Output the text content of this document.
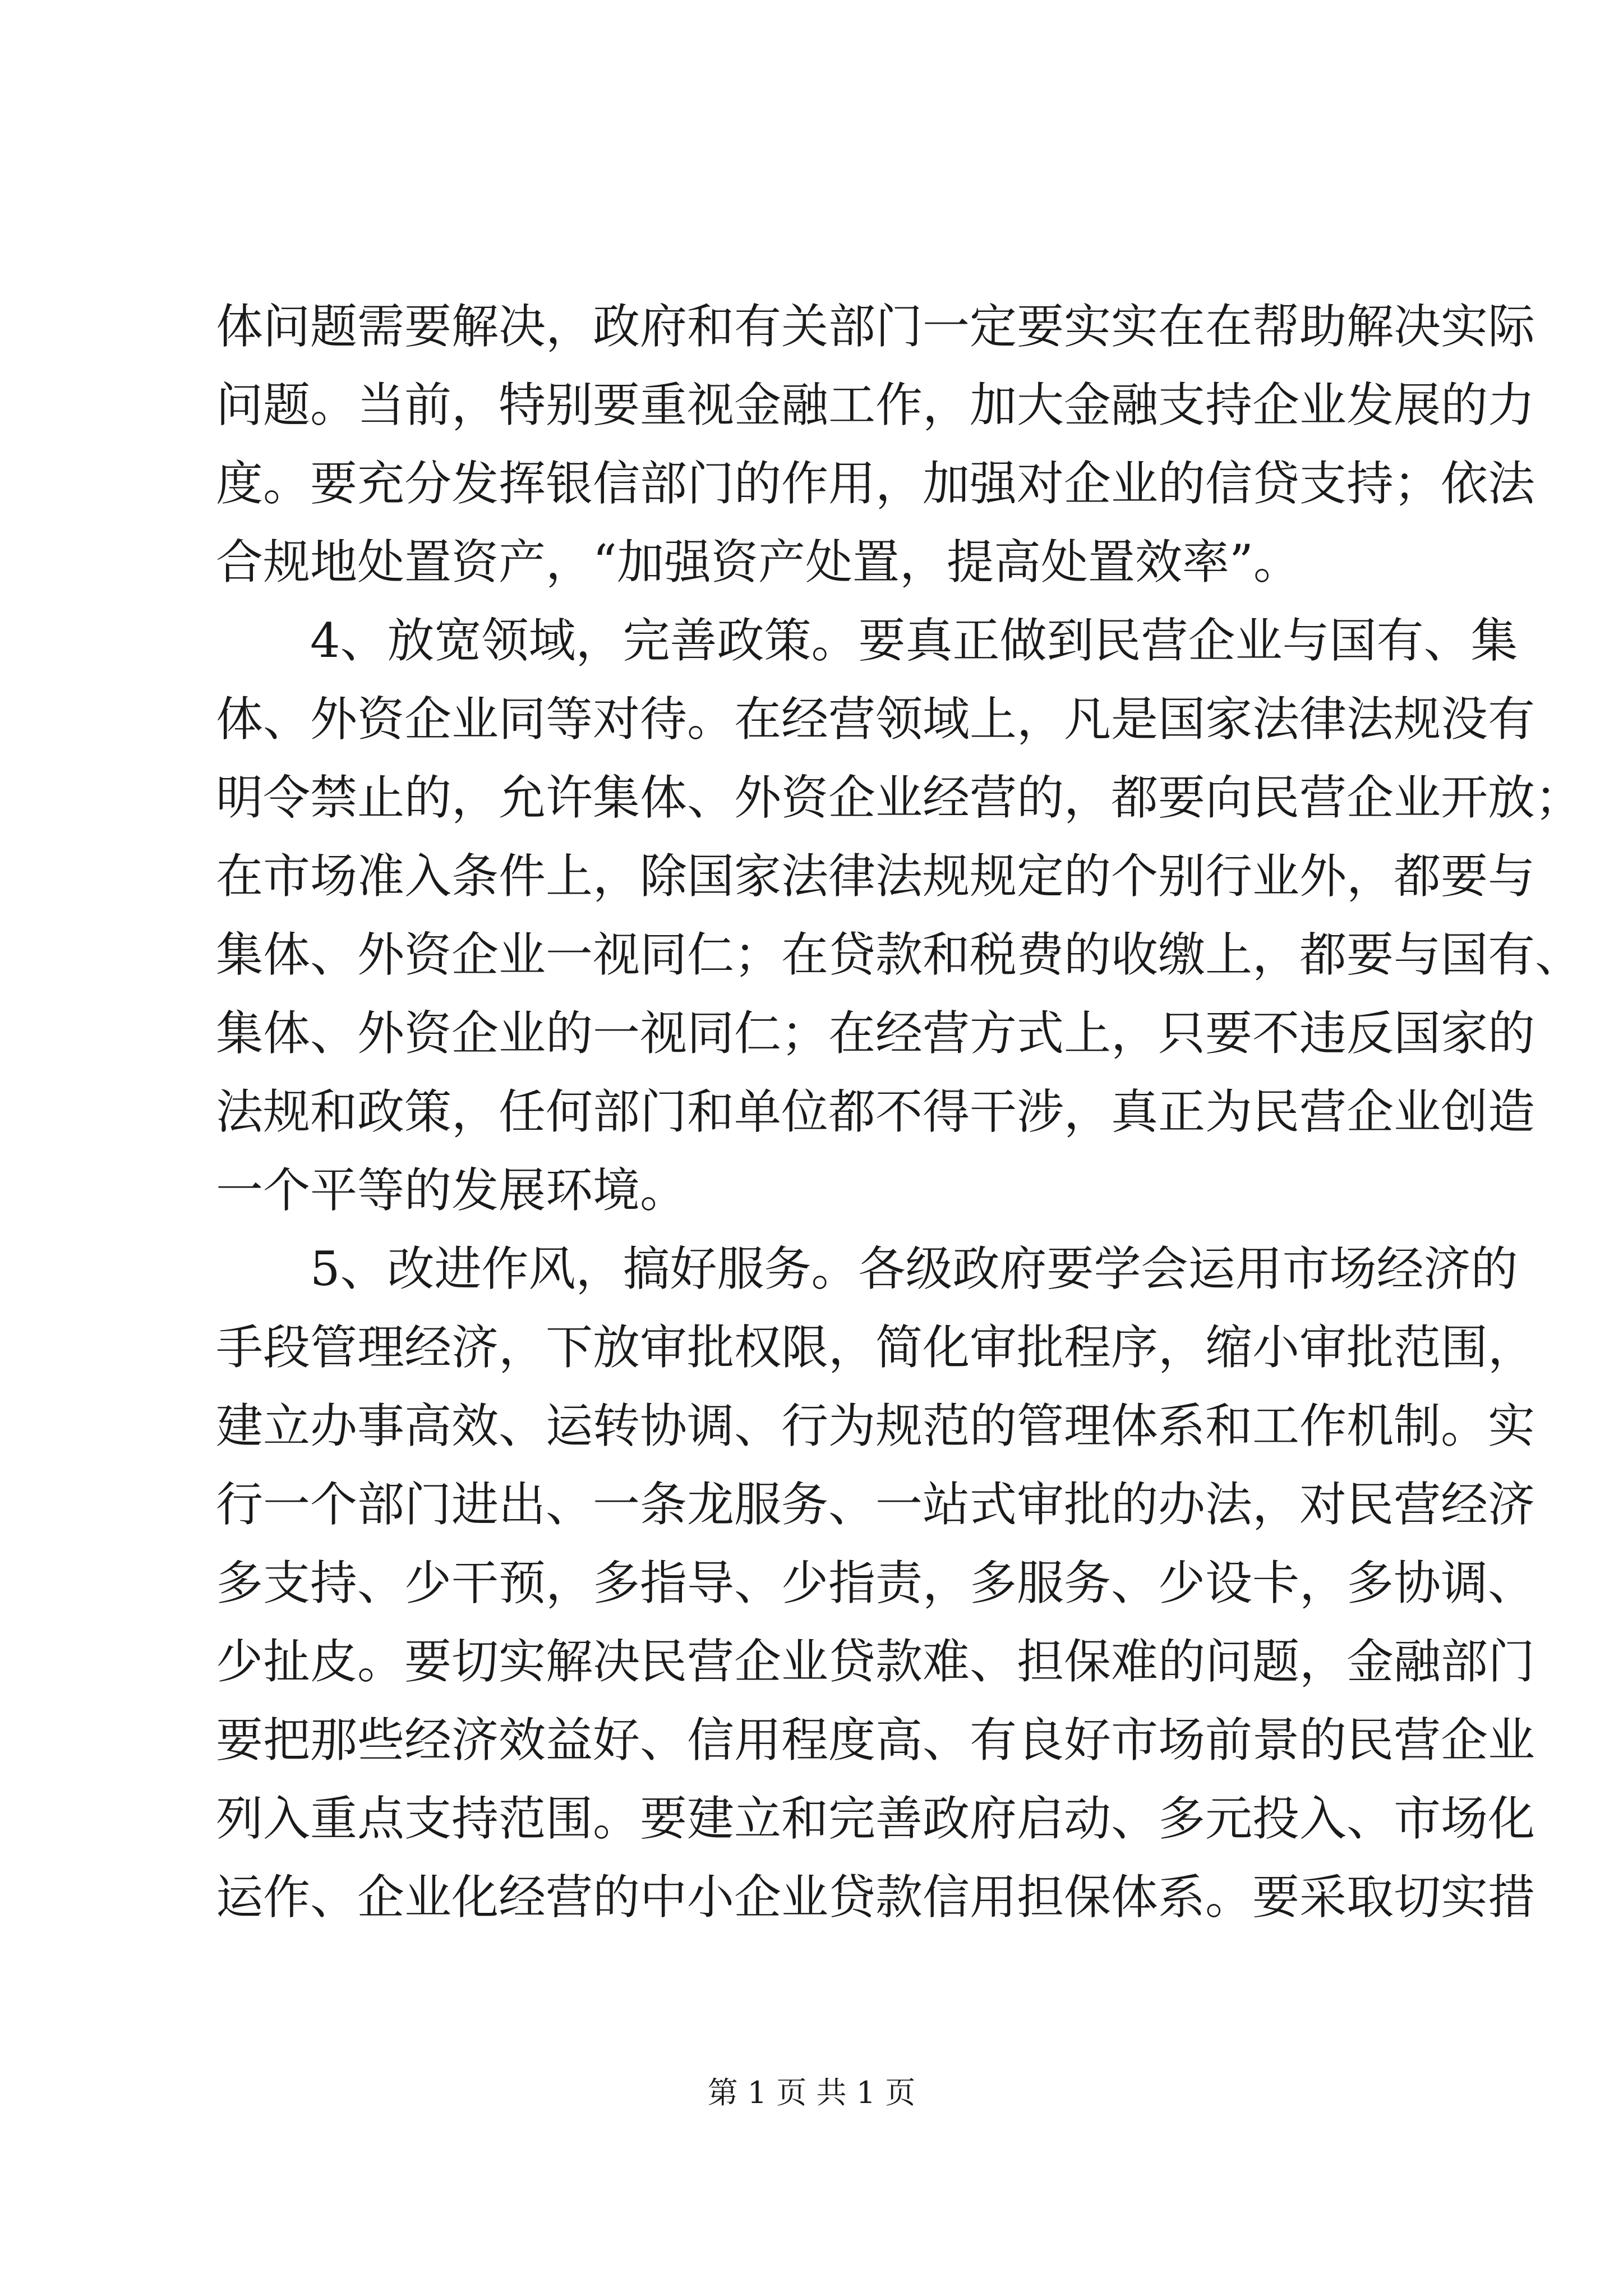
体问题需要解决，政府和有关部门一定要实实在在帮助解决实际
问题。当前，特别要重视金融工作，加大金融支持企业发展的力
度。要充分发挥银信部门的作用，加强对企业的信贷支持；依法
合规地处置资产，“加强资产处置，提高处置效率”。
　　4、放宽领域，完善政策。要真正做到民营企业与国有、集
体、外资企业同等对待。在经营领域上，凡是国家法律法规没有
明令禁止的，允许集体、外资企业经营的，都要向民营企业开放；
在市场准入条件上，除国家法律法规规定的个别行业外，都要与
集体、外资企业一视同仁；在贷款和税费的收缴上，都要与国有、
集体、外资企业的一视同仁；在经营方式上，只要不违反国家的
法规和政策，任何部门和单位都不得干涉，真正为民营企业创造
一个平等的发展环境。
　　5、改进作风，搞好服务。各级政府要学会运用市场经济的
手段管理经济，下放审批权限，简化审批程序，缩小审批范围，
建立办事高效、运转协调、行为规范的管理体系和工作机制。实
行一个部门进出、一条龙服务、一站式审批的办法，对民营经济
多支持、少干预，多指导、少指责，多服务、少设卡，多协调、
少扯皮。要切实解决民营企业贷款难、担保难的问题，金融部门
要把那些经济效益好、信用程度高、有良好市场前景的民营企业
列入重点支持范围。要建立和完善政府启动、多元投入、市场化
运作、企业化经营的中小企业贷款信用担保体系。要采取切实措
第 1 页 共 1 页
